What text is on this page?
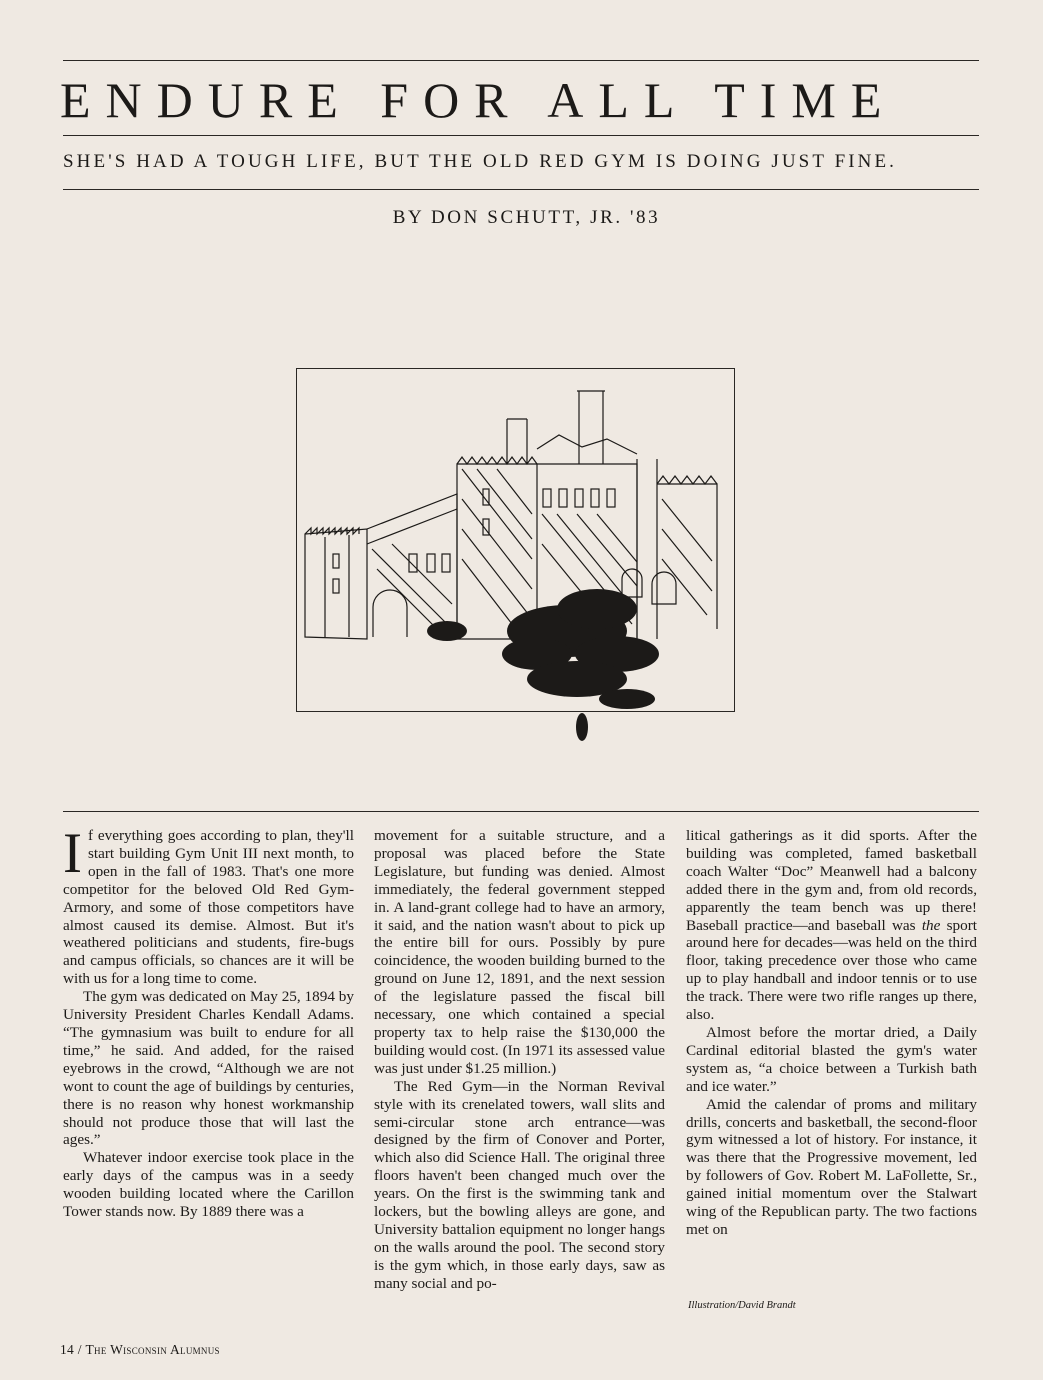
ENDURE FOR ALL TIME
SHE'S HAD A TOUGH LIFE, BUT THE OLD RED GYM IS DOING JUST FINE.
BY DON SCHUTT, JR. '83

If everything goes according to plan, they'll start building Gym Unit III next month, to open in the fall of 1983. That's one more competitor for the beloved Old Red Gym-Armory, and some of those competitors have almost caused its demise. Almost. But it's weathered politicians and students, fire-bugs and campus officials, so chances are it will be with us for a long time to come.

The gym was dedicated on May 25, 1894 by University President Charles Kendall Adams. “The gymnasium was built to endure for all time,” he said. And added, for the raised eyebrows in the crowd, “Although we are not wont to count the age of buildings by centuries, there is no reason why honest workmanship should not produce those that will last the ages.”

Whatever indoor exercise took place in the early days of the campus was in a seedy wooden building located where the Carillon Tower stands now. By 1889 there was a

movement for a suitable structure, and a proposal was placed before the State Legislature, but funding was denied. Almost immediately, the federal government stepped in. A land-grant college had to have an armory, it said, and the nation wasn't about to pick up the entire bill for ours. Possibly by pure coincidence, the wooden building burned to the ground on June 12, 1891, and the next session of the legislature passed the fiscal bill necessary, one which contained a special property tax to help raise the $130,000 the building would cost. (In 1971 its assessed value was just under $1.25 million.)

The Red Gym—in the Norman Revival style with its crenelated towers, wall slits and semi-circular stone arch entrance—was designed by the firm of Conover and Porter, which also did Science Hall. The original three floors haven't been changed much over the years. On the first is the swimming tank and lockers, but the bowling alleys are gone, and University battalion equipment no longer hangs on the walls around the pool. The second story is the gym which, in those early days, saw as many social and po-

litical gatherings as it did sports. After the building was completed, famed basketball coach Walter “Doc” Meanwell had a balcony added there in the gym and, from old records, apparently the team bench was up there! Baseball practice—and baseball was the sport around here for decades—was held on the third floor, taking precedence over those who came up to play handball and indoor tennis or to use the track. There were two rifle ranges up there, also.

Almost before the mortar dried, a Daily Cardinal editorial blasted the gym's water system as, “a choice between a Turkish bath and ice water.”

Amid the calendar of proms and military drills, concerts and basketball, the second-floor gym witnessed a lot of history. For instance, it was there that the Progressive movement, led by followers of Gov. Robert M. LaFollette, Sr., gained initial momentum over the Stalwart wing of the Republican party. The two factions met on

Illustration/David Brandt
14 / The Wisconsin Alumnus
